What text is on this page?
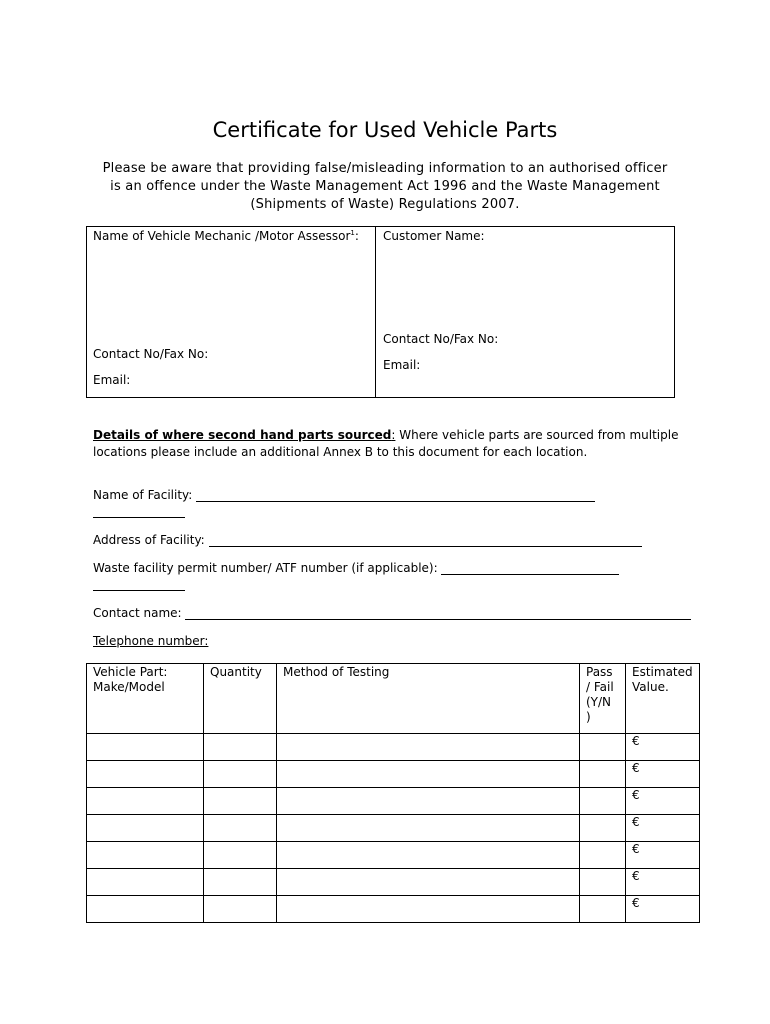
Certificate for Used Vehicle Parts
Please be aware that providing false/misleading information to an authorised officer is an offence under the Waste Management Act 1996 and the Waste Management (Shipments of Waste) Regulations 2007.
Name of Vehicle Mechanic /Motor Assessor$^1$:
Contact No/Fax No:
Email:
Customer Name:
Contact No/Fax No:
Email:
Details of where second hand parts sourced: Where vehicle parts are sourced from multiple locations please include an additional Annex B to this document for each location.
Name of Facility:
Address of Facility:
Waste facility permit number/ ATF number (if applicable):
Contact name:
Telephone number:
Vehicle Part: Make/Model	Quantity	Method of Testing	Pass / Fail (Y/N )	Estimated Value.
				€
				€
				€
				€
				€
				€
				€
